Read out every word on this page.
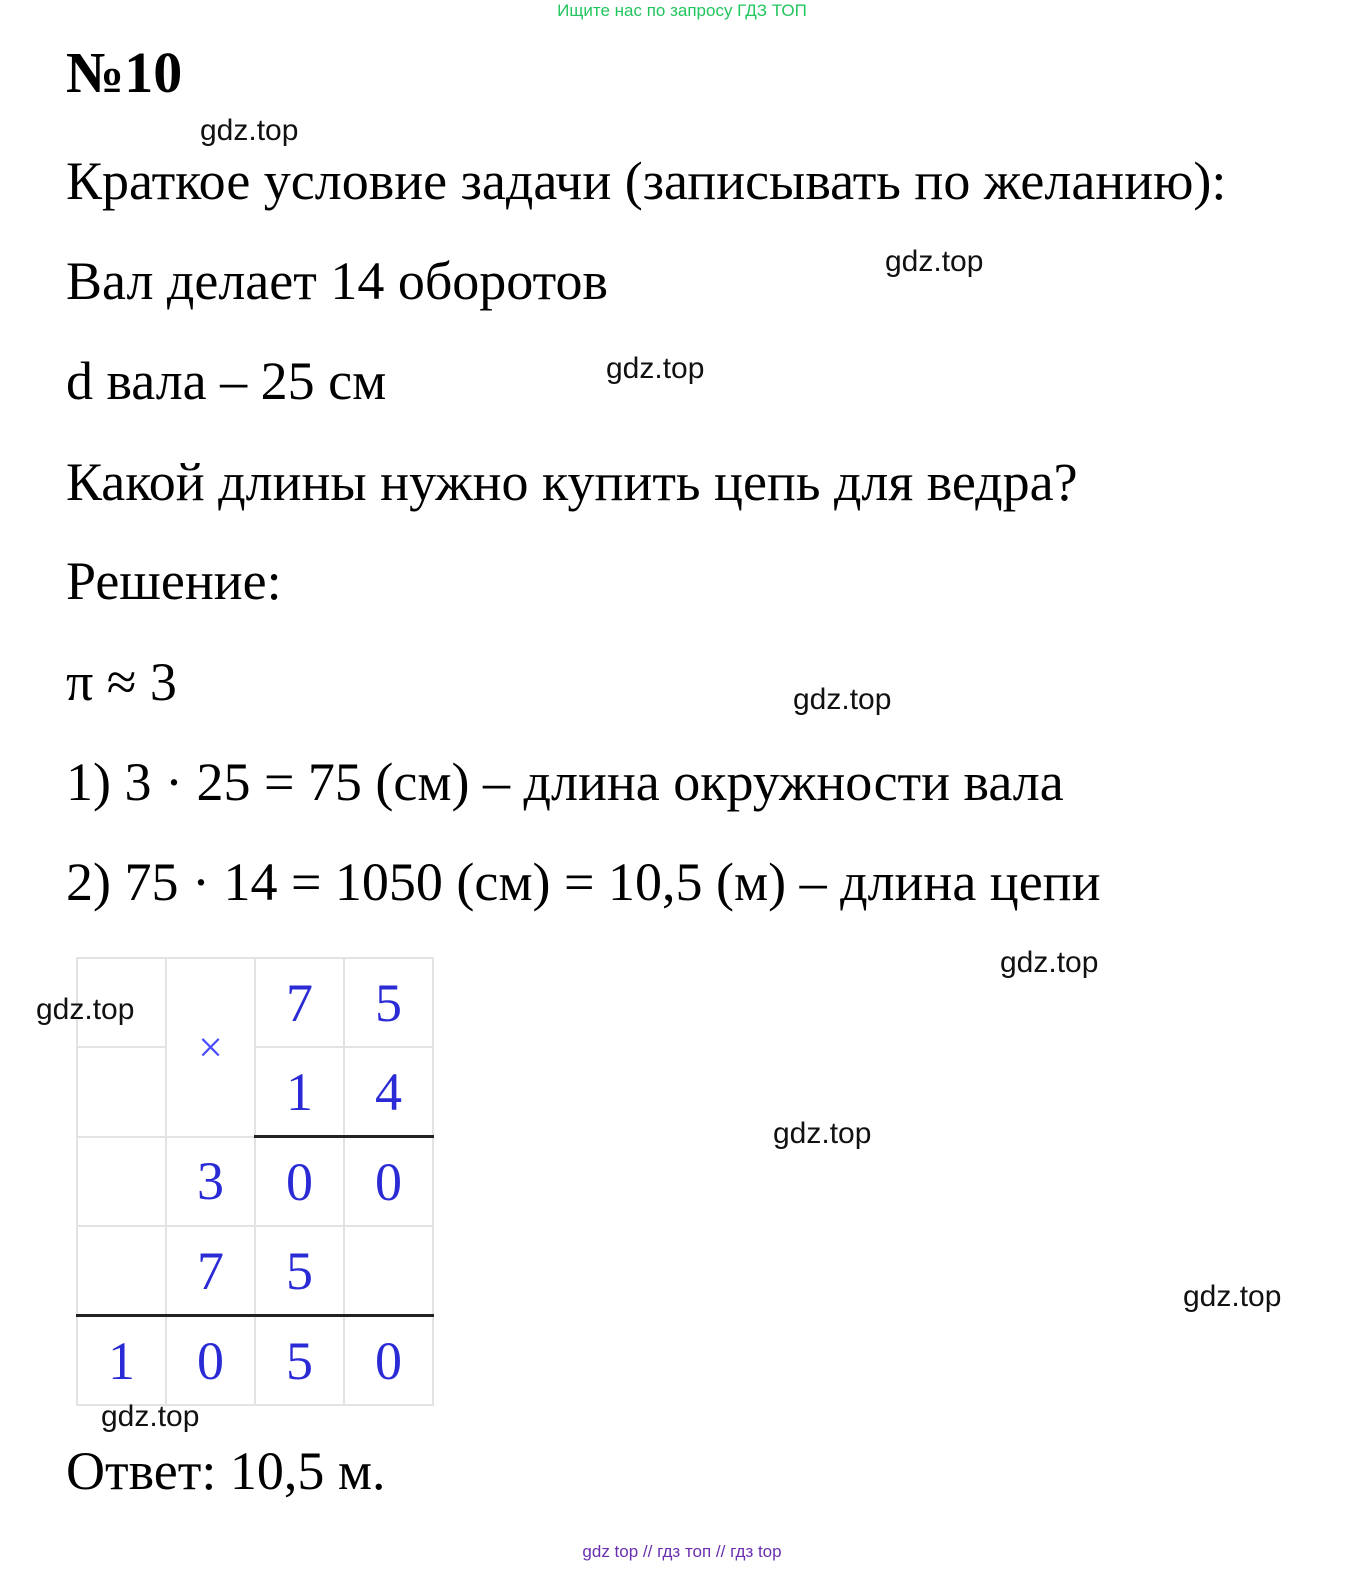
Ищите нас по запросу ГДЗ ТОП
№10
Краткое условие задачи (записывать по желанию):
Вал делает 14 оборотов
d вала – 25 см
Какой длины нужно купить цепь для ведра?
Решение:
π ≈ 3
1) 3 · 25 = 75 (см) – длина окружности вала
2) 75 · 14 = 1050 (см) = 10,5 (м) – длина цепи
	×	7	5
		1	4
	3	0	0
	7	5	
1	0	5	0
Ответ: 10,5 м.
gdz.top
gdz.top
gdz.top
gdz.top
gdz.top
gdz.top
gdz.top
gdz.top
gdz.top
gdz top // гдз топ // гдз top
